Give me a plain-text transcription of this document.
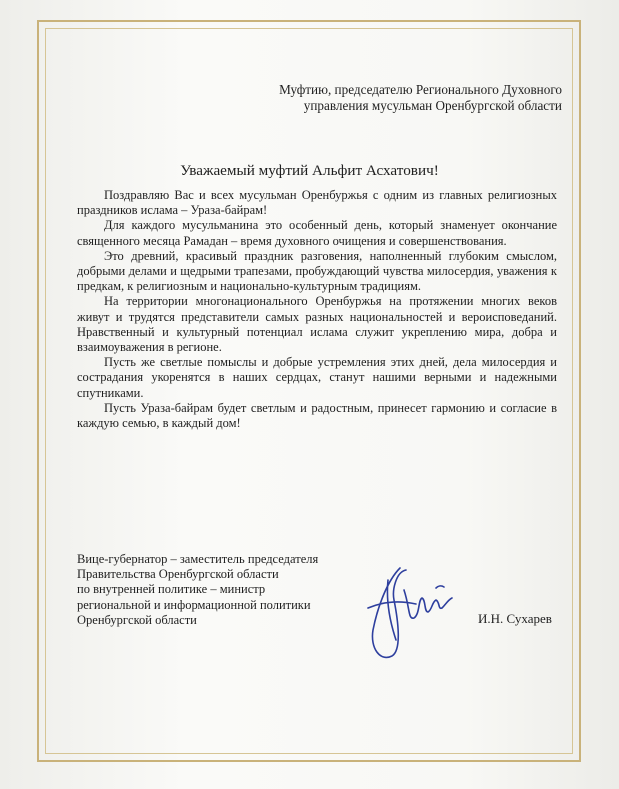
Муфтию, председателю Регионального Духовного
управления мусульман Оренбургской области
Уважаемый муфтий Альфит Асхатович!

Поздравляю Вас и всех мусульман Оренбуржья с одним из главных религиозных праздников ислама – Ураза-байрам!

Для каждого мусульманина это особенный день, который знаменует окончание священного месяца Рамадан – время духовного очищения и совершенствования.

Это древний, красивый праздник разговения, наполненный глубоким смыслом, добрыми делами и щедрыми трапезами, пробуждающий чувства милосердия, уважения к предкам, к религиозным и национально-культурным традициям.

На территории многонационального Оренбуржья на протяжении многих веков живут и трудятся представители самых разных национальностей и вероисповеданий. Нравственный и культурный потенциал ислама служит укреплению мира, добра и взаимоуважения в регионе.

Пусть же светлые помыслы и добрые устремления этих дней, дела милосердия и сострадания укоренятся в наших сердцах, станут нашими верными и надежными спутниками.

Пусть Ураза-байрам будет светлым и радостным, принесет гармонию и согласие в каждую семью, в каждый дом!

Вице-губернатор – заместитель председателя
Правительства Оренбургской области
по внутренней политике – министр
региональной и информационной политики
Оренбургской области	И.Н. Сухарев
